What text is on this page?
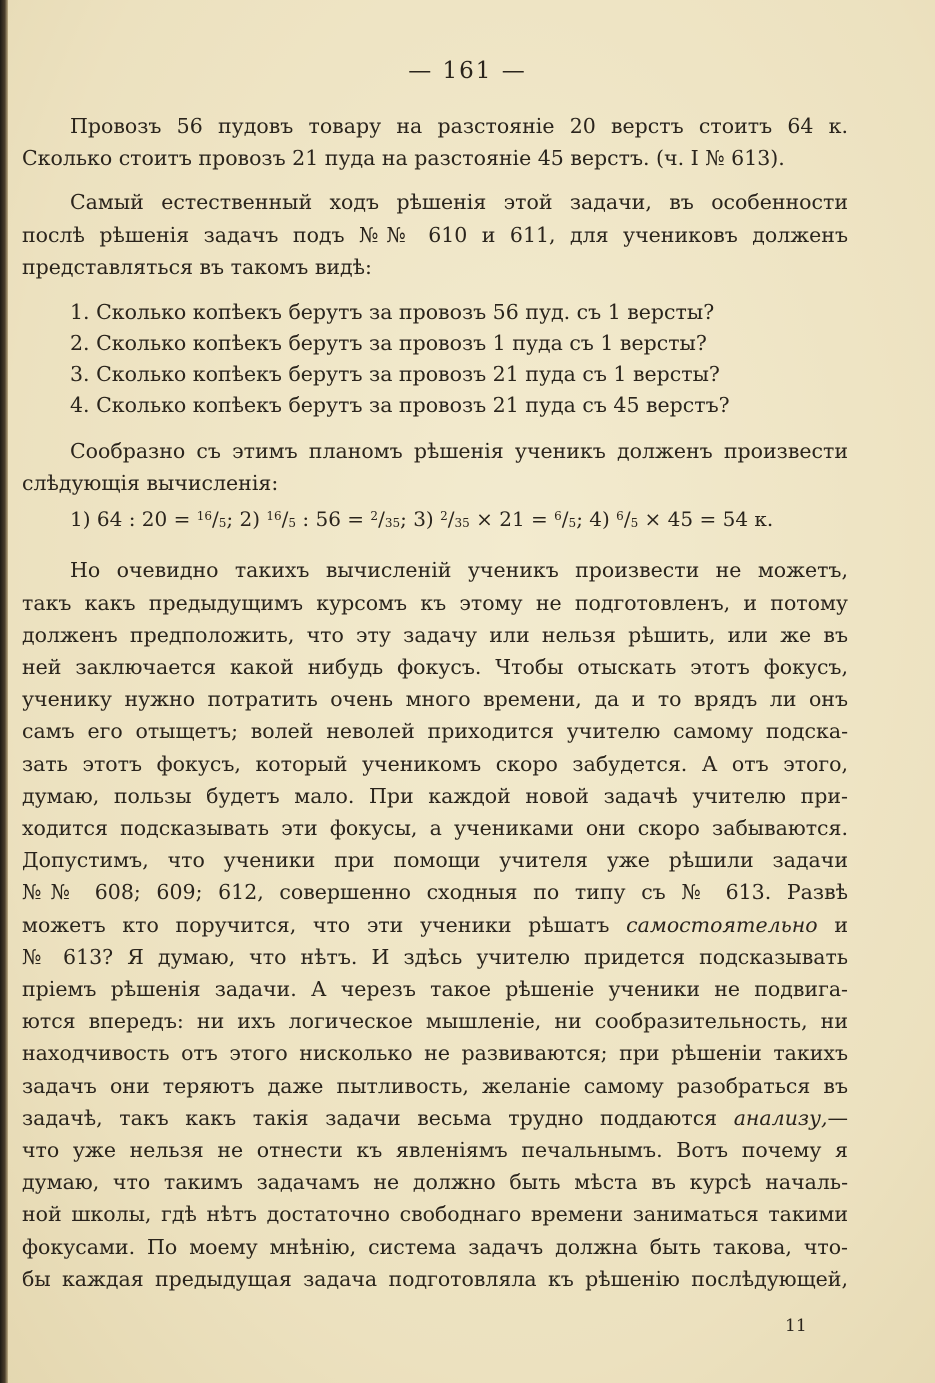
— 161 —

Провозъ 56 пудовъ товару на разстояніе 20 верстъ стоитъ 64 к.
Сколько стоитъ провозъ 21 пуда на разстояніе 45 верстъ. (ч. I № 613).

Самый естественный ходъ рѣшенія этой задачи, въ особенности
послѣ рѣшенія задачъ подъ №№ 610 и 611, для учениковъ долженъ
представляться въ такомъ видѣ:

1. Сколько копѣекъ берутъ за провозъ 56 пуд. съ 1 версты?
2. Сколько копѣекъ берутъ за провозъ 1 пуда съ 1 версты?
3. Сколько копѣекъ берутъ за провозъ 21 пуда съ 1 версты?
4. Сколько копѣекъ берутъ за провозъ 21 пуда съ 45 верстъ?

Сообразно съ этимъ планомъ рѣшенія ученикъ долженъ произвести
слѣдующія вычисленія:

1) 64 : $20 = ^{16}/_5$; 2) $^{16}/_5$ : $56 = ^2/_{35}$; 3) $^2/_{35} \times 21 = ^6/_5$; 4) $^6/_5 \times 45 = 54$ к.

Но очевидно такихъ вычисленій ученикъ произвести не можетъ,
такъ какъ предыдущимъ курсомъ къ этому не подготовленъ, и потому
долженъ предположить, что эту задачу или нельзя рѣшить, или же въ
ней заключается какой нибудь фокусъ. Чтобы отыскать этотъ фокусъ,
ученику нужно потратить очень много времени, да и то врядъ ли онъ
самъ его отыщетъ; волей неволей приходится учителю самому подска-
зать этотъ фокусъ, который ученикомъ скоро забудется. А отъ этого,
думаю, пользы будетъ мало. При каждой новой задачѣ учителю при-
ходится подсказывать эти фокусы, а учениками они скоро забываются.
Допустимъ, что ученики при помощи учителя уже рѣшили задачи
№№ 608; 609; 612, совершенно сходныя по типу съ № 613. Развѣ
можетъ кто поручится, что эти ученики рѣшатъ самостоятельно и
№ 613? Я думаю, что нѣтъ. И здѣсь учителю придется подсказывать
пріемъ рѣшенія задачи. А черезъ такое рѣшеніе ученики не подвига-
ются впередъ: ни ихъ логическое мышленіе, ни сообразительность, ни
находчивость отъ этого нисколько не развиваются; при рѣшеніи такихъ
задачъ они теряютъ даже пытливость, желаніе самому разобраться въ
задачѣ, такъ какъ такія задачи весьма трудно поддаются анализу,—
что уже нельзя не отнести къ явленіямъ печальнымъ. Вотъ почему я
думаю, что такимъ задачамъ не должно быть мѣста въ курсѣ началь-
ной школы, гдѣ нѣтъ достаточно свободнаго времени заниматься такими
фокусами. По моему мнѣнію, система задачъ должна быть такова, что-
бы каждая предыдущая задача подготовляла къ рѣшенію послѣдующей,

11
